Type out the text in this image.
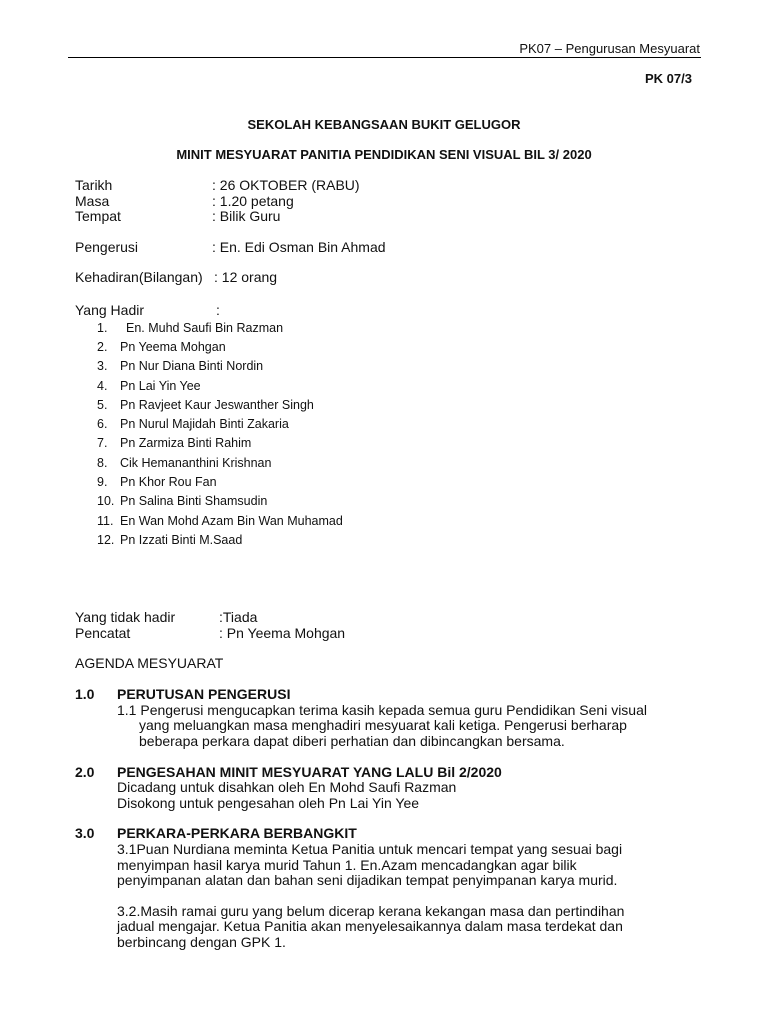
PK07 – Pengurusan Mesyuarat
PK 07/3
SEKOLAH KEBANGSAAN BUKIT GELUGOR
MINIT MESYUARAT PANITIA PENDIDIKAN SENI VISUAL BIL 3/ 2020
Tarikh	: 26 OKTOBER (RABU)
Masa	: 1.20 petang
Tempat	: Bilik Guru
Pengerusi	: En. Edi Osman Bin Ahmad
Kehadiran(Bilangan) : 12 orang
Yang Hadir	:
1. En. Muhd Saufi Bin Razman
2. Pn Yeema Mohgan
3. Pn Nur Diana Binti Nordin
4. Pn Lai Yin Yee
5. Pn Ravjeet Kaur Jeswanther Singh
6. Pn Nurul Majidah Binti Zakaria
7. Pn Zarmiza Binti Rahim
8. Cik Hemananthini Krishnan
9. Pn Khor Rou Fan
10. Pn Salina Binti Shamsudin
11. En Wan Mohd Azam Bin Wan Muhamad
12. Pn Izzati Binti M.Saad
Yang tidak hadir	:Tiada
Pencatat	: Pn Yeema Mohgan
AGENDA MESYUARAT
1.0 PERUTUSAN PENGERUSI
1.1 Pengerusi mengucapkan terima kasih kepada semua guru Pendidikan Seni visual
yang meluangkan masa menghadiri mesyuarat kali ketiga. Pengerusi berharap
beberapa perkara dapat diberi perhatian dan dibincangkan bersama.
2.0 PENGESAHAN MINIT MESYUARAT YANG LALU Bil 2/2020
Dicadang untuk disahkan oleh En Mohd Saufi Razman
Disokong untuk pengesahan oleh Pn Lai Yin Yee
3.0 PERKARA-PERKARA BERBANGKIT
3.1Puan Nurdiana meminta Ketua Panitia untuk mencari tempat yang sesuai bagi
menyimpan hasil karya murid Tahun 1. En.Azam mencadangkan agar bilik
penyimpanan alatan dan bahan seni dijadikan tempat penyimpanan karya murid.
3.2.Masih ramai guru yang belum dicerap kerana kekangan masa dan pertindihan
jadual mengajar. Ketua Panitia akan menyelesaikannya dalam masa terdekat dan
berbincang dengan GPK 1.
